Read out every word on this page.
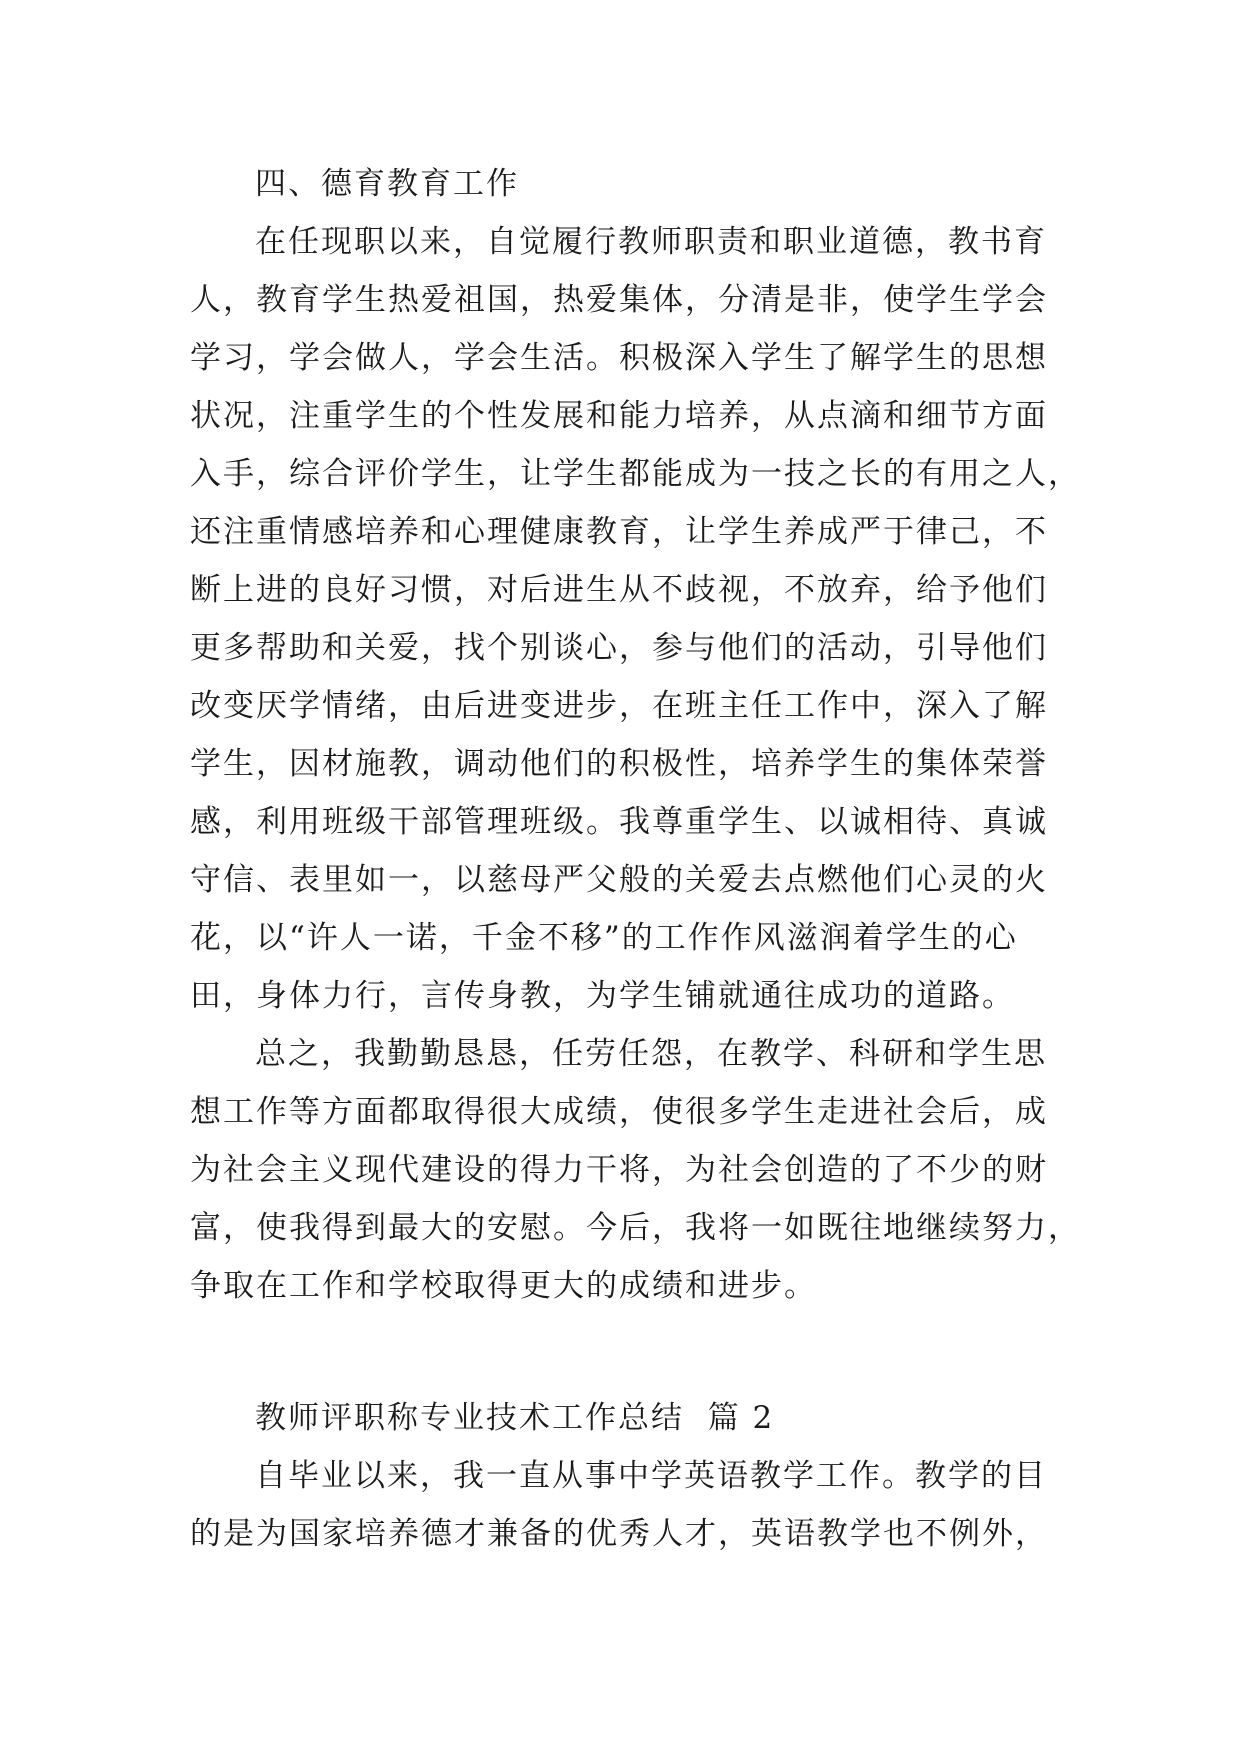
四、德育教育工作
在任现职以来，自觉履行教师职责和职业道德，教书育
人，教育学生热爱祖国，热爱集体，分清是非，使学生学会
学习，学会做人，学会生活。积极深入学生了解学生的思想
状况，注重学生的个性发展和能力培养，从点滴和细节方面
入手，综合评价学生，让学生都能成为一技之长的有用之人，
还注重情感培养和心理健康教育，让学生养成严于律己，不
断上进的良好习惯，对后进生从不歧视，不放弃，给予他们
更多帮助和关爱，找个别谈心，参与他们的活动，引导他们
改变厌学情绪，由后进变进步，在班主任工作中，深入了解
学生，因材施教，调动他们的积极性，培养学生的集体荣誉
感，利用班级干部管理班级。我尊重学生、以诚相待、真诚
守信、表里如一，以慈母严父般的关爱去点燃他们心灵的火
花，以“许人一诺，千金不移”的工作作风滋润着学生的心
田，身体力行，言传身教，为学生铺就通往成功的道路。
总之，我勤勤恳恳，任劳任怨，在教学、科研和学生思
想工作等方面都取得很大成绩，使很多学生走进社会后，成
为社会主义现代建设的得力干将，为社会创造的了不少的财
富，使我得到最大的安慰。今后，我将一如既往地继续努力，
争取在工作和学校取得更大的成绩和进步。
教师评职称专业技术工作总结  篇 2
自毕业以来，我一直从事中学英语教学工作。教学的目
的是为国家培养德才兼备的优秀人才，英语教学也不例外，
